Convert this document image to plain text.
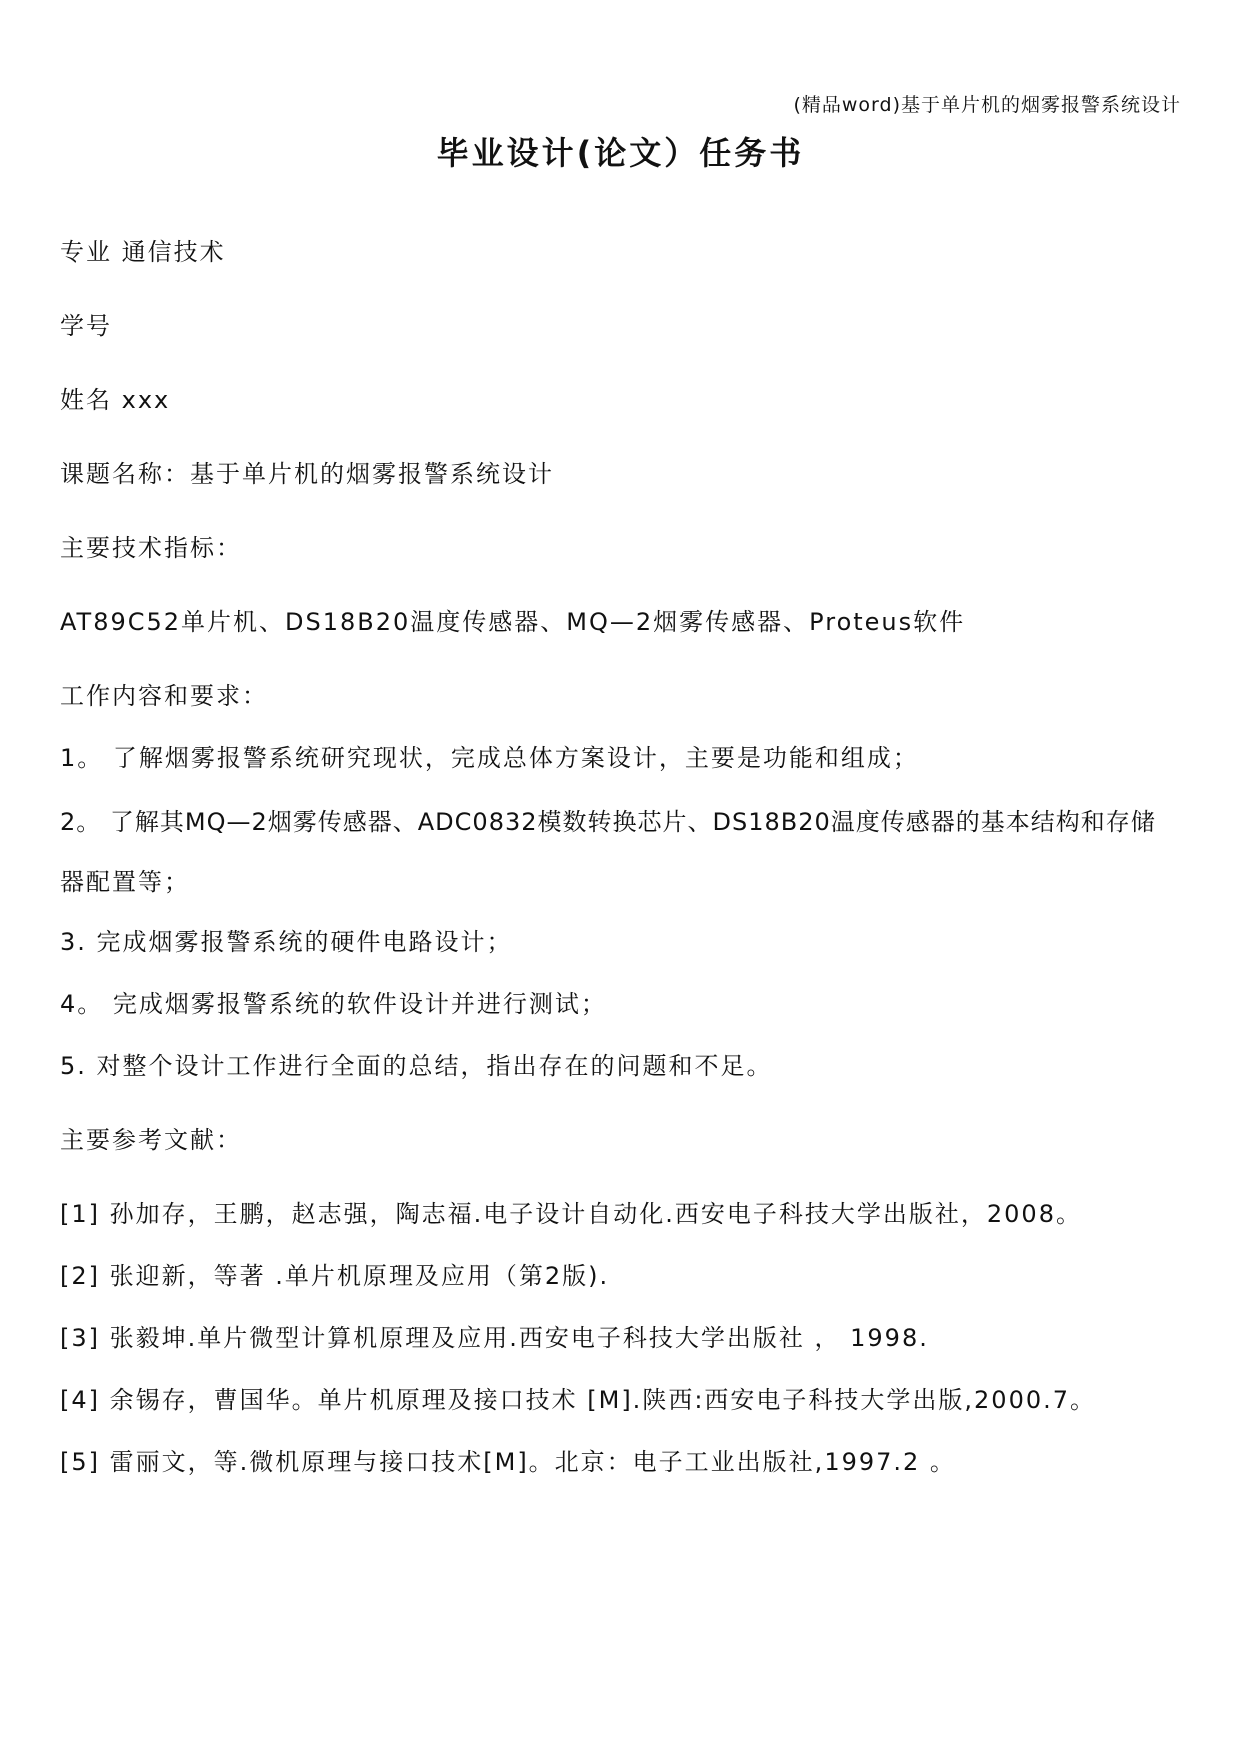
(精品word)基于单片机的烟雾报警系统设计
毕业设计(论文）任务书

专业 通信技术

学号

姓名 xxx

课题名称：基于单片机的烟雾报警系统设计

主要技术指标：

AT89C52单片机、DS18B20温度传感器、MQ—2烟雾传感器、Proteus软件

工作内容和要求：

1。 了解烟雾报警系统研究现状，完成总体方案设计，主要是功能和组成；

2。 了解其MQ—2烟雾传感器、ADC0832模数转换芯片、DS18B20温度传感器的基本结构和存储

器配置等；

3. 完成烟雾报警系统的硬件电路设计；

4。 完成烟雾报警系统的软件设计并进行测试；

5. 对整个设计工作进行全面的总结，指出存在的问题和不足。

主要参考文献：

[1] 孙加存，王鹏，赵志强，陶志福.电子设计自动化.西安电子科技大学出版社，2008。

[2] 张迎新，等著 .单片机原理及应用（第2版).

[3] 张毅坤.单片微型计算机原理及应用.西安电子科技大学出版社 ， 1998.

[4] 余锡存，曹国华。单片机原理及接口技术 [M].陕西:西安电子科技大学出版,2000.7。

[5] 雷丽文，等.微机原理与接口技术[M]。北京：电子工业出版社,1997.2 。
